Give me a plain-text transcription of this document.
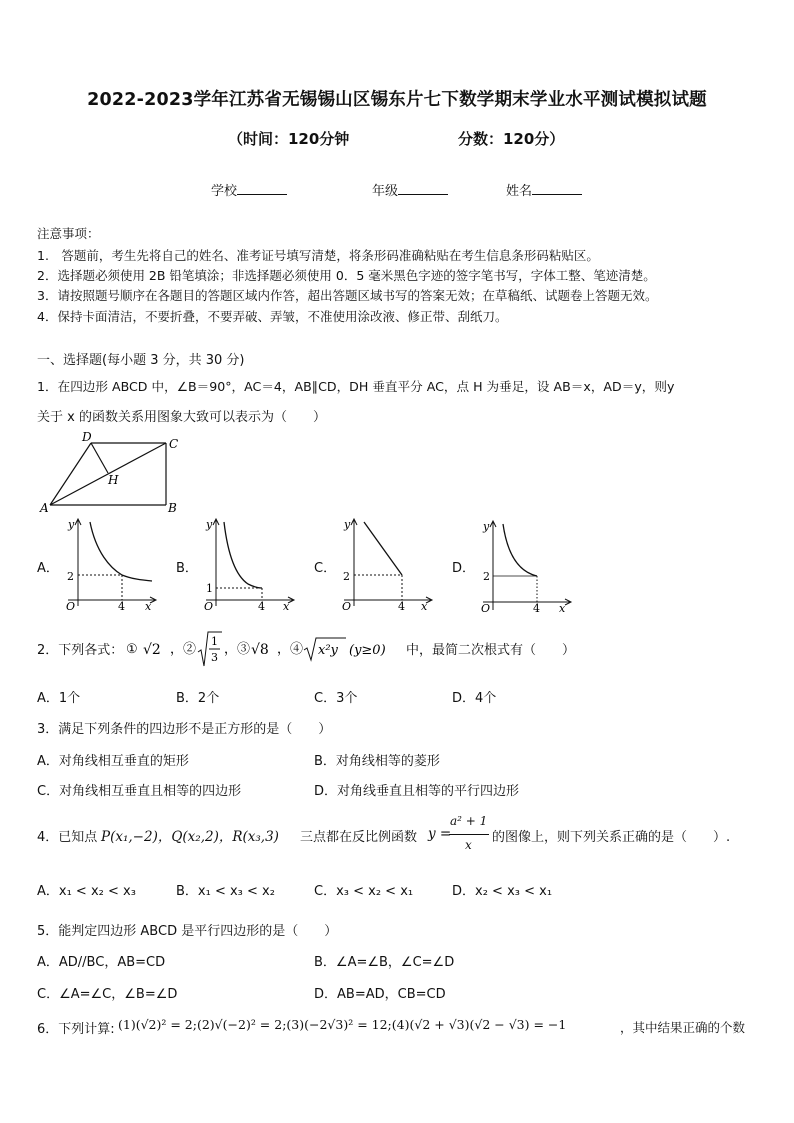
2022-2023学年江苏省无锡锡山区锡东片七下数学期末学业水平测试模拟试题
（时间：120分钟	分数：120分）
学校	年级	姓名
注意事项：
1.　答题前，考生先将自己的姓名、准考证号填写清楚，将条形码准确粘贴在考生信息条形码粘贴区。
2．选择题必须使用 2B 铅笔填涂；非选择题必须使用 0．5 毫米黑色字迹的签字笔书写，字体工整、笔迹清楚。
3．请按照题号顺序在各题目的答题区域内作答，超出答题区域书写的答案无效；在草稿纸、试题卷上答题无效。
4．保持卡面清洁，不要折叠，不要弄破、弄皱，不准使用涂改液、修正带、刮纸刀。
一、选择题(每小题 3 分，共 30 分)
1．在四边形 ABCD 中，∠B＝90°，AC＝4，AB∥CD，DH 垂直平分 AC，点 H 为垂足，设 AB＝x，AD＝y，则y
关于 x 的函数关系用图象大致可以表示为（　　）
D	C
A	B
H
A．	B．	C．	D．
y
2
O	4 x
y
1
O	4 x
y
2
O	4 x
y
2
O	4 x
2．下列各式： ① √2 ，②
1
3
，③ √8 ，④ x²y (y≥0) 中，最简二次根式有（　　）
A．1个	B．2个	C．3个	D．4个
3．满足下列条件的四边形不是正方形的是（　　）
A．对角线相互垂直的矩形	B．对角线相等的菱形
C．对角线相互垂直且相等的四边形	D．对角线垂直且相等的平行四边形
4．已知点 P(x₁,−2)，Q(x₂,2)，R(x₃,3) 三点都在反比例函数 y =
a² + 1
x 的图像上，则下列关系正确的是（　　）.
A．x₁ < x₂ < x₃	B．x₁ < x₃ < x₂	C．x₃ < x₂ < x₁	D．x₂ < x₃ < x₁
5．能判定四边形 ABCD 是平行四边形的是（　　）
A．AD//BC，AB=CD	B．∠A=∠B，∠C=∠D
C．∠A=∠C，∠B=∠D	D．AB=AD，CB=CD
6．下列计算: (1)(√2)² = 2;(2)√(−2)² = 2;(3)(−2√3)² = 12;(4)(√2 + √3)(√2 − √3) = −1	，其中结果正确的个数
